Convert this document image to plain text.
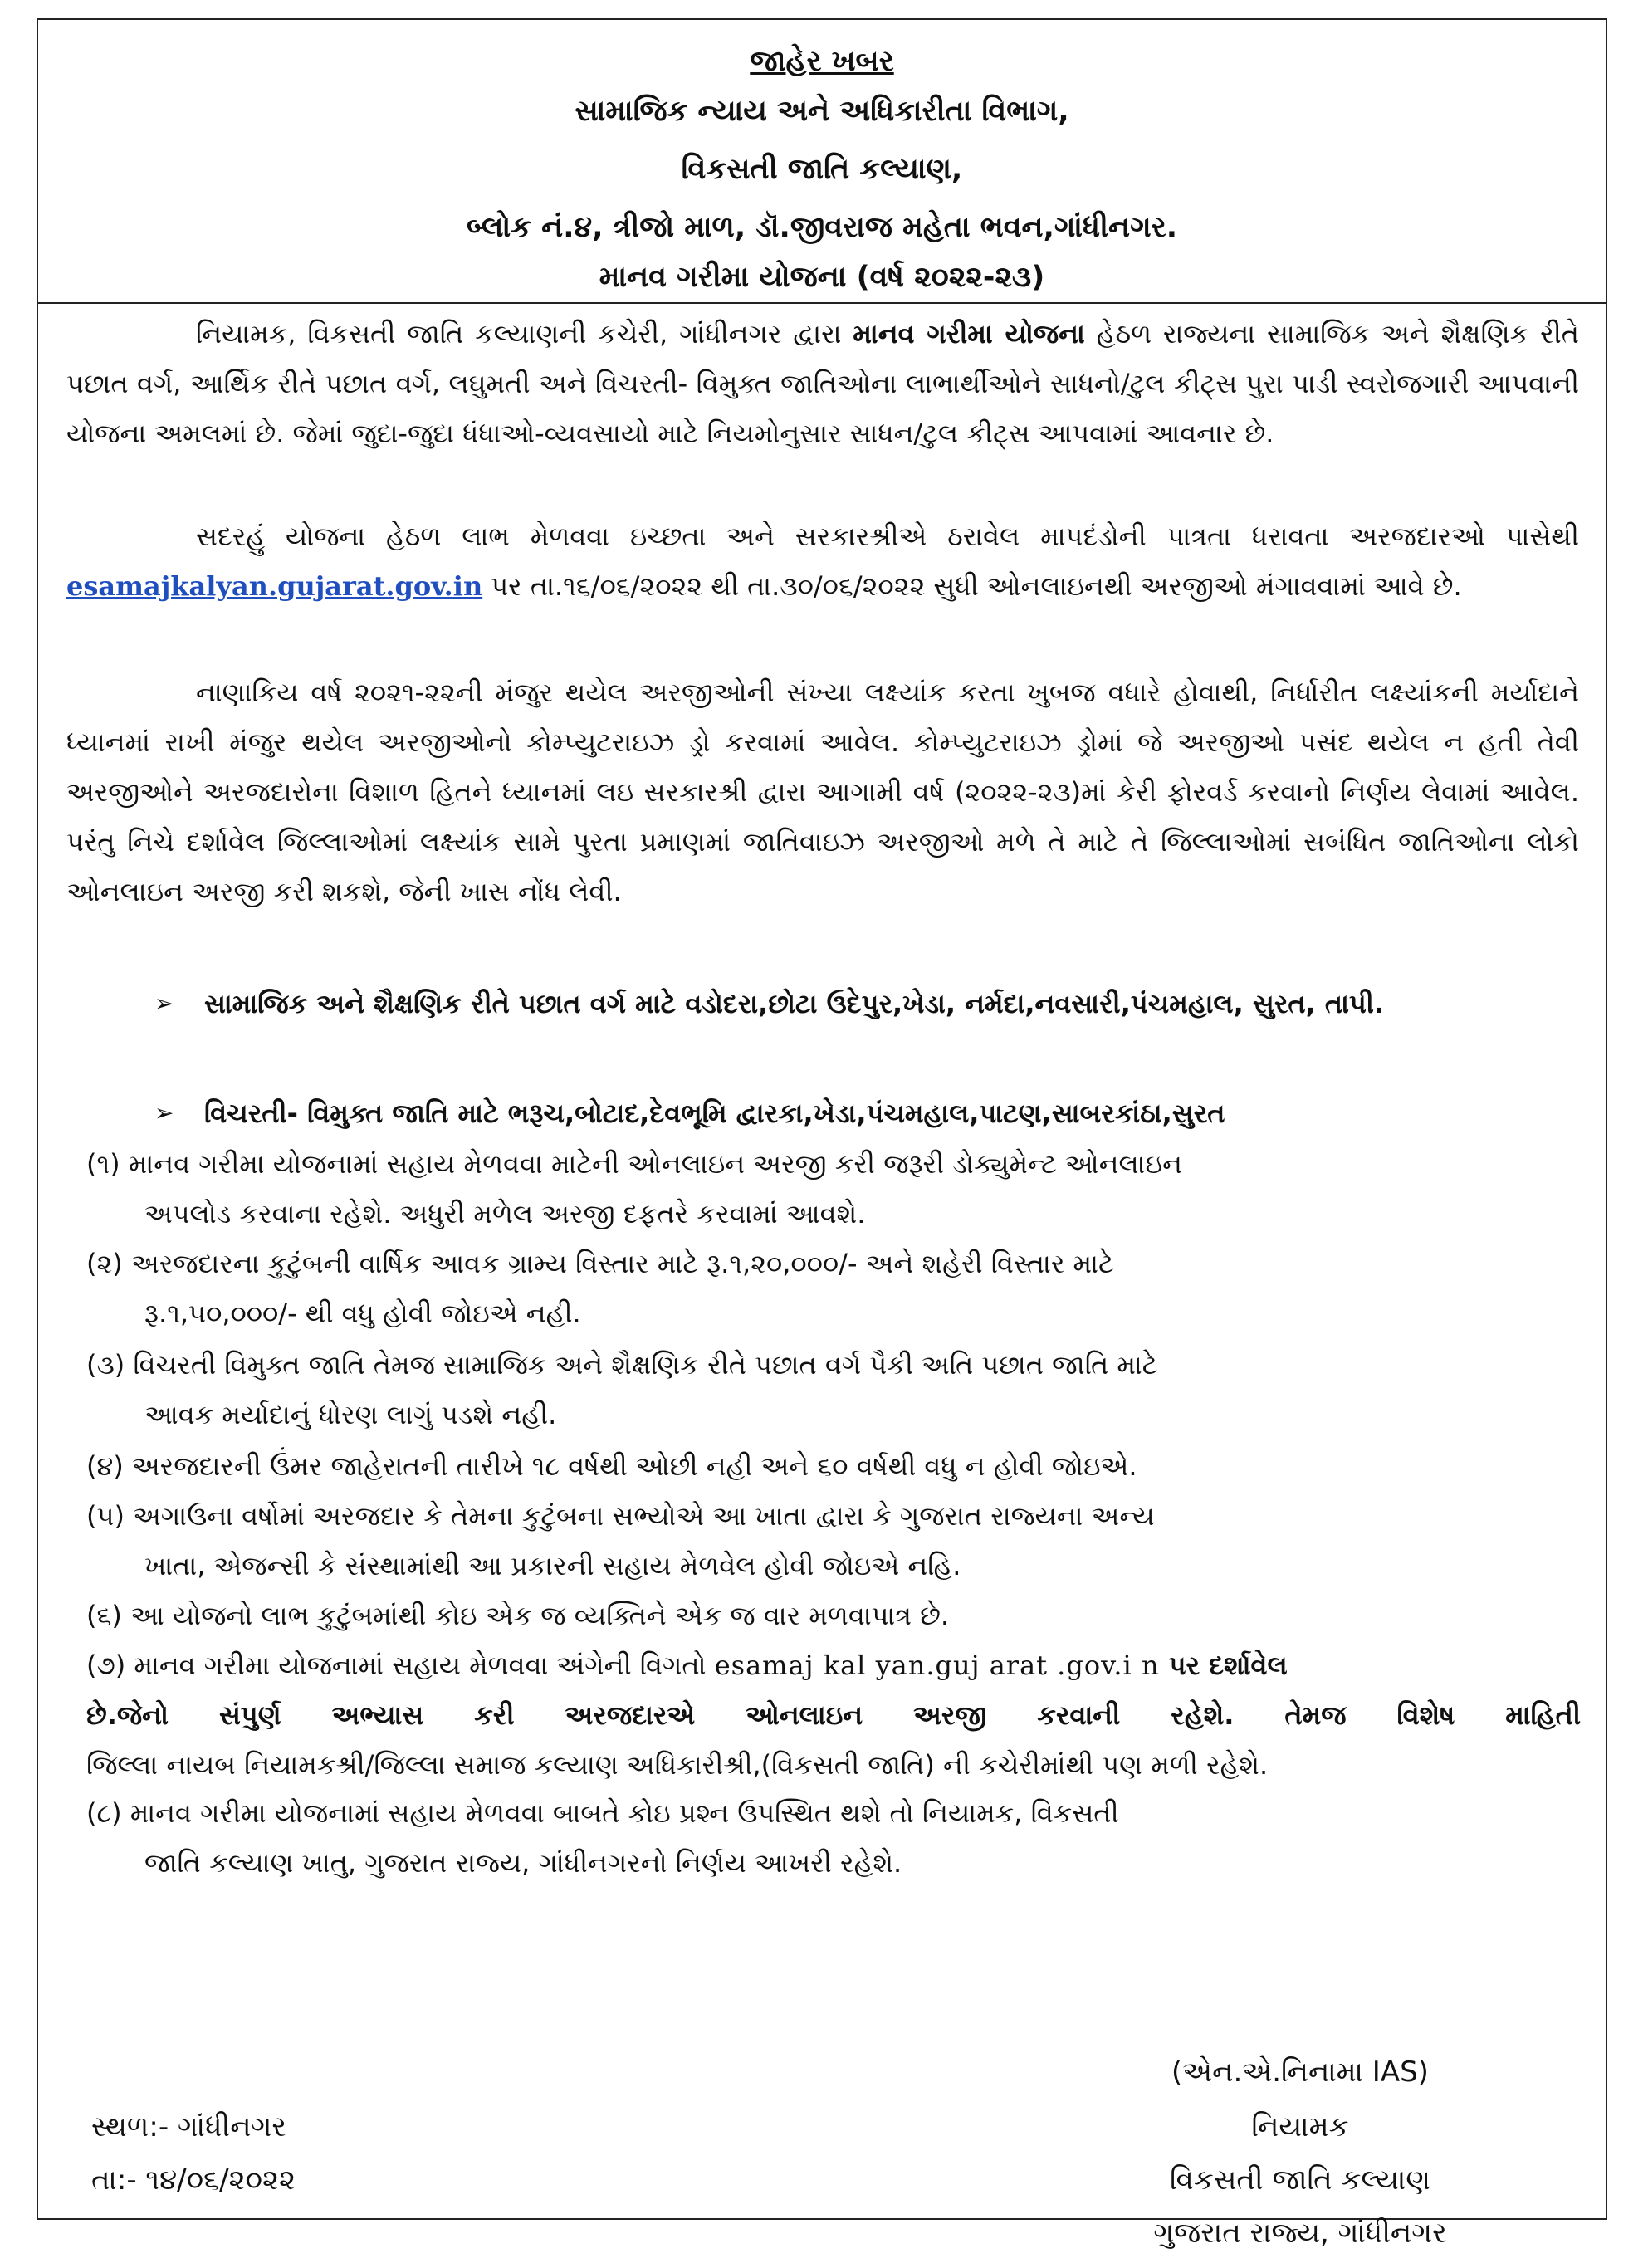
જાહેર ખબર
સામાજિક ન્યાય અને અધિકારીતા વિભાગ,
વિકસતી જાતિ કલ્યાણ,
બ્લોક નં.૪, ત્રીજો માળ, ડૉ.જીવરાજ મહેતા ભવન,ગાંધીનગર.
માનવ ગરીમા યોજના (વર્ષ ૨૦૨૨-૨૩)

નિયામક, વિકસતી જાતિ કલ્યાણની કચેરી, ગાંધીનગર દ્વારા માનવ ગરીમા યોજના હેઠળ રાજ્યના સામાજિક અને શૈક્ષણિક રીતે પછાત વર્ગ, આર્થિક રીતે પછાત વર્ગ, લઘુમતી અને વિચરતી- વિમુક્ત જાતિઓના લાભાર્થીઓને સાધનો/ટુલ કીટ્સ પુરા પાડી સ્વરોજગારી આપવાની યોજના અમલમાં છે. જેમાં જુદા-જુદા ધંધાઓ-વ્યવસાયો માટે નિયમોનુસાર સાધન/ટુલ કીટ્સ આપવામાં આવનાર છે.

સદરહું યોજના હેઠળ લાભ મેળવવા ઇચ્છતા અને સરકારશ્રીએ ઠરાવેલ માપદંડોની પાત્રતા ધરાવતા અરજદારઓ પાસેથી esamajkalyan.gujarat.gov.in પર તા.૧૬/૦૬/૨૦૨૨ થી તા.૩૦/૦૬/૨૦૨૨ સુધી ઓનલાઇનથી અરજીઓ મંગાવવામાં આવે છે.

નાણાકિય વર્ષ ૨૦૨૧-૨૨ની મંજુર થયેલ અરજીઓની સંખ્યા લક્ષ્યાંક કરતા ખુબજ વધારે હોવાથી, નિર્ધારીત લક્ષ્યાંકની મર્યાદાને ધ્યાનમાં રાખી મંજુર થયેલ અરજીઓનો કોમ્પ્યુટરાઇઝ ડ્રો કરવામાં આવેલ. કોમ્પ્યુટરાઇઝ ડ્રોમાં જે અરજીઓ પસંદ થયેલ ન હતી તેવી અરજીઓને અરજદારોના વિશાળ હિતને ધ્યાનમાં લઇ સરકારશ્રી દ્વારા આગામી વર્ષ (૨૦૨૨-૨૩)માં કેરી ફોરવર્ડ કરવાનો નિર્ણય લેવામાં આવેલ. પરંતુ નિચે દર્શાવેલ જિલ્લાઓમાં લક્ષ્યાંક સામે પુરતા પ્રમાણમાં જાતિવાઇઝ અરજીઓ મળે તે માટે તે જિલ્લાઓમાં સબંધિત જાતિઓના લોકો ઓનલાઇન અરજી કરી શકશે, જેની ખાસ નોંધ લેવી.

➢ સામાજિક અને શૈક્ષણિક રીતે પછાત વર્ગ માટે વડોદરા,છોટા ઉદેપુર,ખેડા, નર્મદા,નવસારી,પંચમહાલ, સુરત, તાપી.
➢ વિચરતી- વિમુક્ત જાતિ માટે ભરૂચ,બોટાદ,દેવભૂમિ દ્વારકા,ખેડા,પંચમહાલ,પાટણ,સાબરકાંઠા,સુરત
(૧) માનવ ગરીમા યોજનામાં સહાય મેળવવા માટેની ઓનલાઇન અરજી કરી જરૂરી ડોક્યુમેન્ટ ઓનલાઇન
અપલોડ કરવાના રહેશે. અધુરી મળેલ અરજી દફતરે કરવામાં આવશે.
(૨) અરજદારના કુટુંબની વાર્ષિક આવક ગ્રામ્ય વિસ્તાર માટે રૂ.૧,૨૦,૦૦૦/- અને શહેરી વિસ્તાર માટે
રૂ.૧,૫૦,૦૦૦/- થી વધુ હોવી જોઇએ નહી.
(૩) વિચરતી વિમુક્ત જાતિ તેમજ સામાજિક અને શૈક્ષણિક રીતે પછાત વર્ગ પૈકી અતિ પછાત જાતિ માટે
આવક મર્યાદાનું ધોરણ લાગું પડશે નહી.
(૪) અરજદારની ઉંમર જાહેરાતની તારીખે ૧૮ વર્ષથી ઓછી નહી અને ૬૦ વર્ષથી વધુ ન હોવી જોઇએ.
(૫) અગાઉના વર્ષોમાં અરજદાર કે તેમના કુટુંબના સભ્યોએ આ ખાતા દ્વારા કે ગુજરાત રાજ્યના અન્ય
ખાતા, એજન્સી કે સંસ્થામાંથી આ પ્રકારની સહાય મેળવેલ હોવી જોઇએ નહિ.
(૬) આ યોજનો લાભ કુટુંબમાંથી કોઇ એક જ વ્યક્તિને એક જ વાર મળવાપાત્ર છે.
(૭) માનવ ગરીમા યોજનામાં સહાય મેળવવા અંગેની વિગતો esamaj kal yan.guj arat .gov.i n પર દર્શાવેલ
છે.જેનો સંપુર્ણ અભ્યાસ કરી અરજદારએ ઓનલાઇન અરજી કરવાની રહેશે. તેમજ વિશેષ માહિતી
જિલ્લા નાયબ નિયામકશ્રી/જિલ્લા સમાજ કલ્યાણ અધિકારીશ્રી,(વિકસતી જાતિ) ની કચેરીમાંથી પણ મળી રહેશે.
(૮) માનવ ગરીમા યોજનામાં સહાય મેળવવા બાબતે કોઇ પ્રશ્ન ઉપસ્થિત થશે તો નિયામક, વિકસતી
જાતિ કલ્યાણ ખાતુ, ગુજરાત રાજ્ય, ગાંધીનગરનો નિર્ણય આખરી રહેશે.
(એન.એ.નિનામા IAS)
નિયામક
વિકસતી જાતિ કલ્યાણ
ગુજરાત રાજ્ય, ગાંધીનગર
સ્થળ:- ગાંધીનગર
તા:- ૧૪/૦૬/૨૦૨૨
